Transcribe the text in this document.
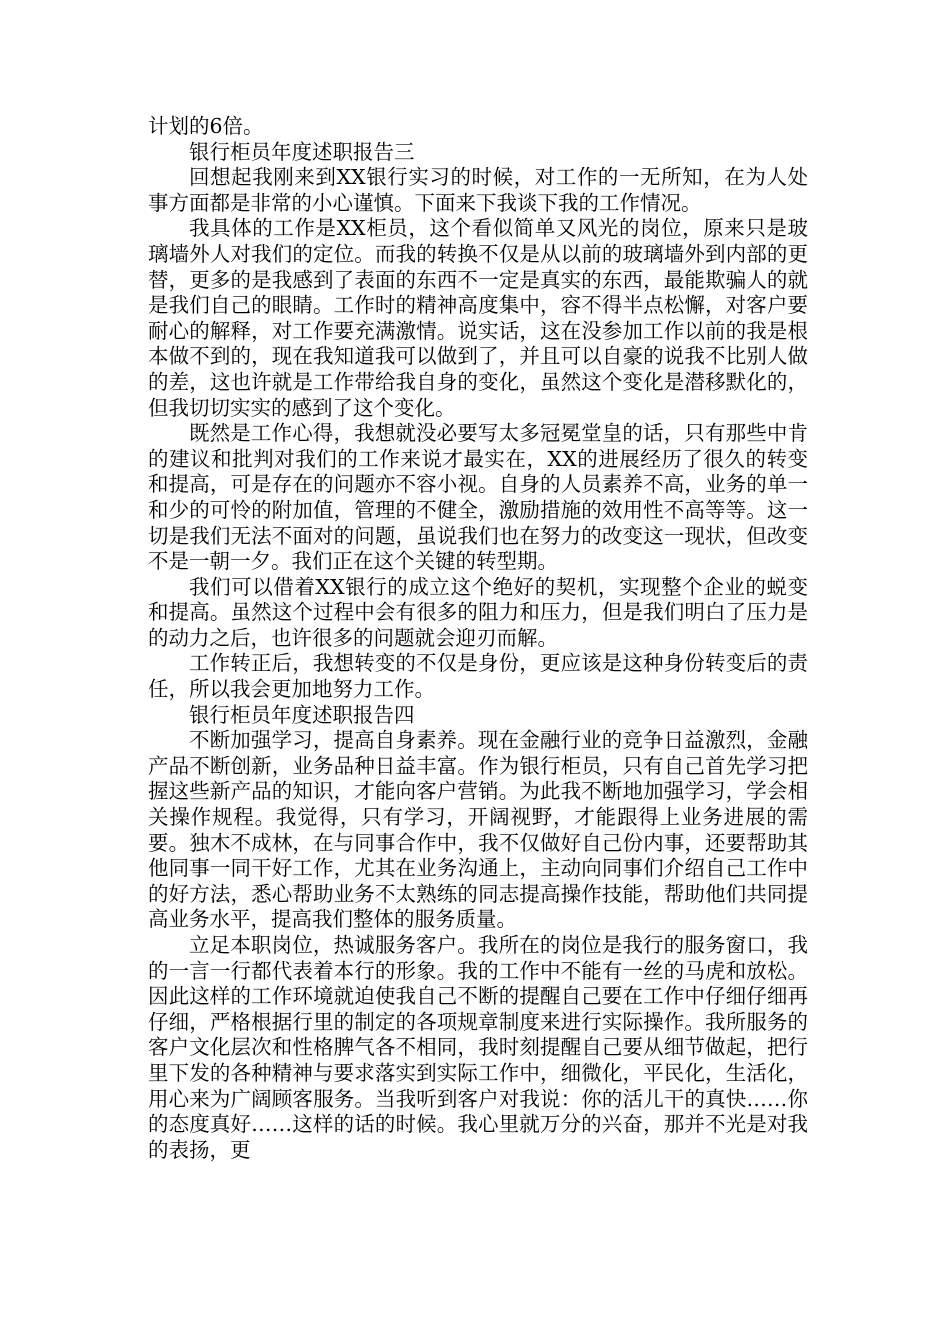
计划的6倍。

银行柜员年度述职报告三

回想起我刚来到XX银行实习的时候，对工作的一无所知，在为人处事方面都是非常的小心谨慎。下面来下我谈下我的工作情况。

我具体的工作是XX柜员，这个看似简单又风光的岗位，原来只是玻璃墙外人对我们的定位。而我的转换不仅是从以前的玻璃墙外到内部的更替，更多的是我感到了表面的东西不一定是真实的东西，最能欺骗人的就是我们自己的眼睛。工作时的精神高度集中，容不得半点松懈，对客户要耐心的解释，对工作要充满激情。说实话，这在没参加工作以前的我是根本做不到的，现在我知道我可以做到了，并且可以自豪的说我不比别人做的差，这也许就是工作带给我自身的变化，虽然这个变化是潜移默化的，但我切切实实的感到了这个变化。

既然是工作心得，我想就没必要写太多冠冕堂皇的话，只有那些中肯的建议和批判对我们的工作来说才最实在，XX的进展经历了很久的转变和提高，可是存在的问题亦不容小视。自身的人员素养不高，业务的单一和少的可怜的附加值，管理的不健全，激励措施的效用性不高等等。这一切是我们无法不面对的问题，虽说我们也在努力的改变这一现状，但改变不是一朝一夕。我们正在这个关键的转型期。

我们可以借着XX银行的成立这个绝好的契机，实现整个企业的蜕变和提高。虽然这个过程中会有很多的阻力和压力，但是我们明白了压力是的动力之后，也许很多的问题就会迎刃而解。

工作转正后，我想转变的不仅是身份，更应该是这种身份转变后的责任，所以我会更加地努力工作。

银行柜员年度述职报告四

不断加强学习，提高自身素养。现在金融行业的竞争日益激烈，金融产品不断创新，业务品种日益丰富。作为银行柜员，只有自己首先学习把握这些新产品的知识，才能向客户营销。为此我不断地加强学习，学会相关操作规程。我觉得，只有学习，开阔视野，才能跟得上业务进展的需要。独木不成林，在与同事合作中，我不仅做好自己份内事，还要帮助其他同事一同干好工作，尤其在业务沟通上，主动向同事们介绍自己工作中的好方法，悉心帮助业务不太熟练的同志提高操作技能，帮助他们共同提高业务水平，提高我们整体的服务质量。

立足本职岗位，热诚服务客户。我所在的岗位是我行的服务窗口，我的一言一行都代表着本行的形象。我的工作中不能有一丝的马虎和放松。因此这样的工作环境就迫使我自己不断的提醒自己要在工作中仔细仔细再仔细，严格根据行里的制定的各项规章制度来进行实际操作。我所服务的客户文化层次和性格脾气各不相同，我时刻提醒自己要从细节做起，把行里下发的各种精神与要求落实到实际工作中，细微化，平民化，生活化，用心来为广阔顾客服务。当我听到客户对我说：你的活儿干的真快……你的态度真好……这样的话的时候。我心里就万分的兴奋，那并不光是对我的表扬，更
